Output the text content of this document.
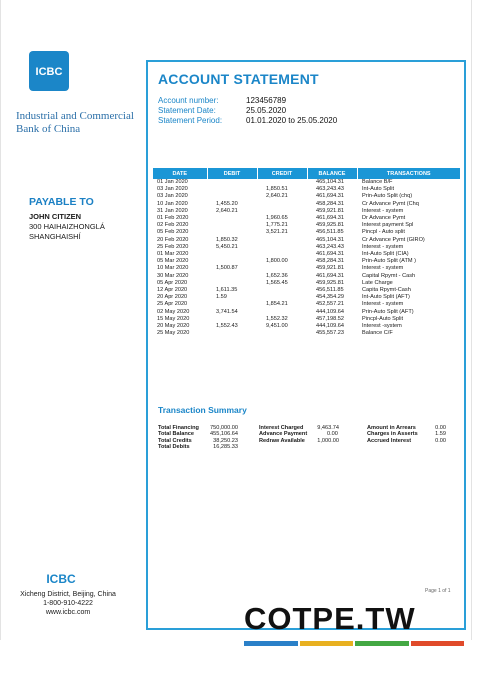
ICBC
Industrial and Commercial
Bank of China
PAYABLE TO
JOHN CITIZEN
300 HAIHAIZHONGLÁ
SHANGHAISHÍ
ACCOUNT STATEMENT
Account number:	123456789
Statement Date:	25.05.2020
Statement Period:	01.01.2020 to 25.05.2020
DATE	DEBIT	CREDIT	BALANCE	TRANSACTIONS
01 Jan 2020			465,104.31	Balance B/F
03 Jan 2020		1,850.51	463,243.43	Int-Auto Split
03 Jan 2020		2,640.21	461,694.31	Prin-Auto Split (chq)
10 Jan 2020	1,455.20		458,284.31	Cr Advance Pymt (Chq
31 Jan 2020	2,640.21		459,921.81	Interest - system
01 Feb 2020		1,960.65	461,694.31	Dr Advance Pymt
02 Feb 2020		1,775.21	459,925.81	Interest payment Spl
05 Feb 2020		3,521.21	456,511.85	Pincpl - Auto split
20 Feb 2020	1,850.32		465,104.31	Cr Advance Pymt (GIRO)
25 Feb 2020	5,450.21		463,243.43	Interest - system
01 Mar 2020			461,694.31	Int-Auto Split (CIA)
05 Mar 2020		1,800.00	458,284.31	Prin-Auto Split (ATM )
10 Mar 2020	1,500.87		459,921.81	Interest - system
30 Mar 2020		1,652.36	461,694.31	Capital Rpymt - Cash
05 Apr 2020		1,565.45	459,925.81	Late Charge
12 Apr 2020	1,611.35		456,511.85	Capita Rpymt-Cash
20 Apr 2020	1.59		454,354.29	Int-Auto Split (AFT)
25 Apr 2020		1,854.21	452,557.21	Interest - system
02 May 2020	3,741.54		444,109.64	Prin-Auto Split (AFT)
15 May 2020		1,552.32	457,198.52	Pincpl-Auto Split
20 May 2020	1,552.43	9,451.00	444,109.64	Interest -system
25 May 2020			455,557.23	Balance C/F
Transaction Summary
Total Financing	750,000.00
Total Balance	455,106.64
Total Credits	38,250.23
Total Debits	16,285.33
Interest Charged	9,463.74
Advance Payment	0.00
Redraw Available	1,000.00
Amount in Arrears	0.00
Charges in Asserts	1.59
Accrued Interest	0.00
ICBC
Xicheng District, Beijing, China
1-800-910-4222
www.icbc.com
Page 1 of 1
COTPE.TW
